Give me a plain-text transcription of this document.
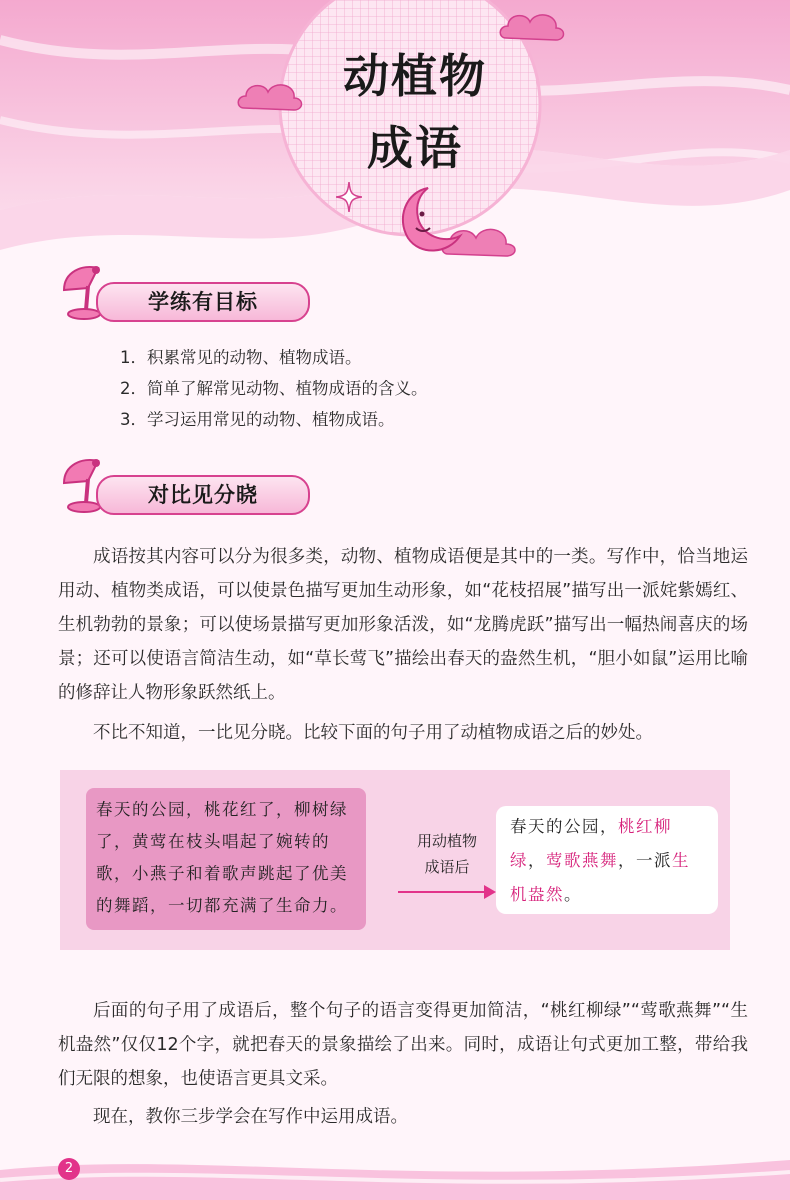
动植物
成语
学练有目标
1．积累常见的动物、植物成语。
2．简单了解常见动物、植物成语的含义。
3．学习运用常见的动物、植物成语。
对比见分晓

成语按其内容可以分为很多类，动物、植物成语便是其中的一类。写作中，恰当地运用动、植物类成语，可以使景色描写更加生动形象，如“花枝招展”描写出一派姹紫嫣红、生机勃勃的景象；可以使场景描写更加形象活泼，如“龙腾虎跃”描写出一幅热闹喜庆的场景；还可以使语言简洁生动，如“草长莺飞”描绘出春天的盎然生机，“胆小如鼠”运用比喻的修辞让人物形象跃然纸上。

不比不知道，一比见分晓。比较下面的句子用了动植物成语之后的妙处。

春天的公园，桃花红了，柳树绿了，黄莺在枝头唱起了婉转的歌，小燕子和着歌声跳起了优美的舞蹈，一切都充满了生命力。
用动植物
成语后
春天的公园，桃红柳绿，莺歌燕舞，一派生机盎然。

后面的句子用了成语后，整个句子的语言变得更加简洁，“桃红柳绿”“莺歌燕舞”“生机盎然”仅仅12个字，就把春天的景象描绘了出来。同时，成语让句式更加工整，带给我们无限的想象，也使语言更具文采。

现在，教你三步学会在写作中运用成语。

2
